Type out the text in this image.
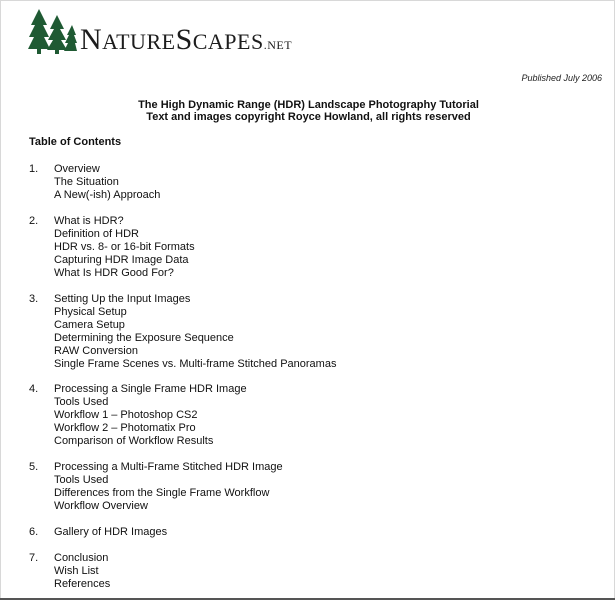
NATURESCAPES.NET
Published July 2006
The High Dynamic Range (HDR) Landscape Photography Tutorial
Text and images copyright Royce Howland, all rights reserved
Table of Contents
1. Overview
The Situation
A New(-ish) Approach
2. What is HDR?
Definition of HDR
HDR vs. 8- or 16-bit Formats
Capturing HDR Image Data
What Is HDR Good For?
3. Setting Up the Input Images
Physical Setup
Camera Setup
Determining the Exposure Sequence
RAW Conversion
Single Frame Scenes vs. Multi-frame Stitched Panoramas
4. Processing a Single Frame HDR Image
Tools Used
Workflow 1 – Photoshop CS2
Workflow 2 – Photomatix Pro
Comparison of Workflow Results
5. Processing a Multi-Frame Stitched HDR Image
Tools Used
Differences from the Single Frame Workflow
Workflow Overview
6. Gallery of HDR Images
7. Conclusion
Wish List
References
